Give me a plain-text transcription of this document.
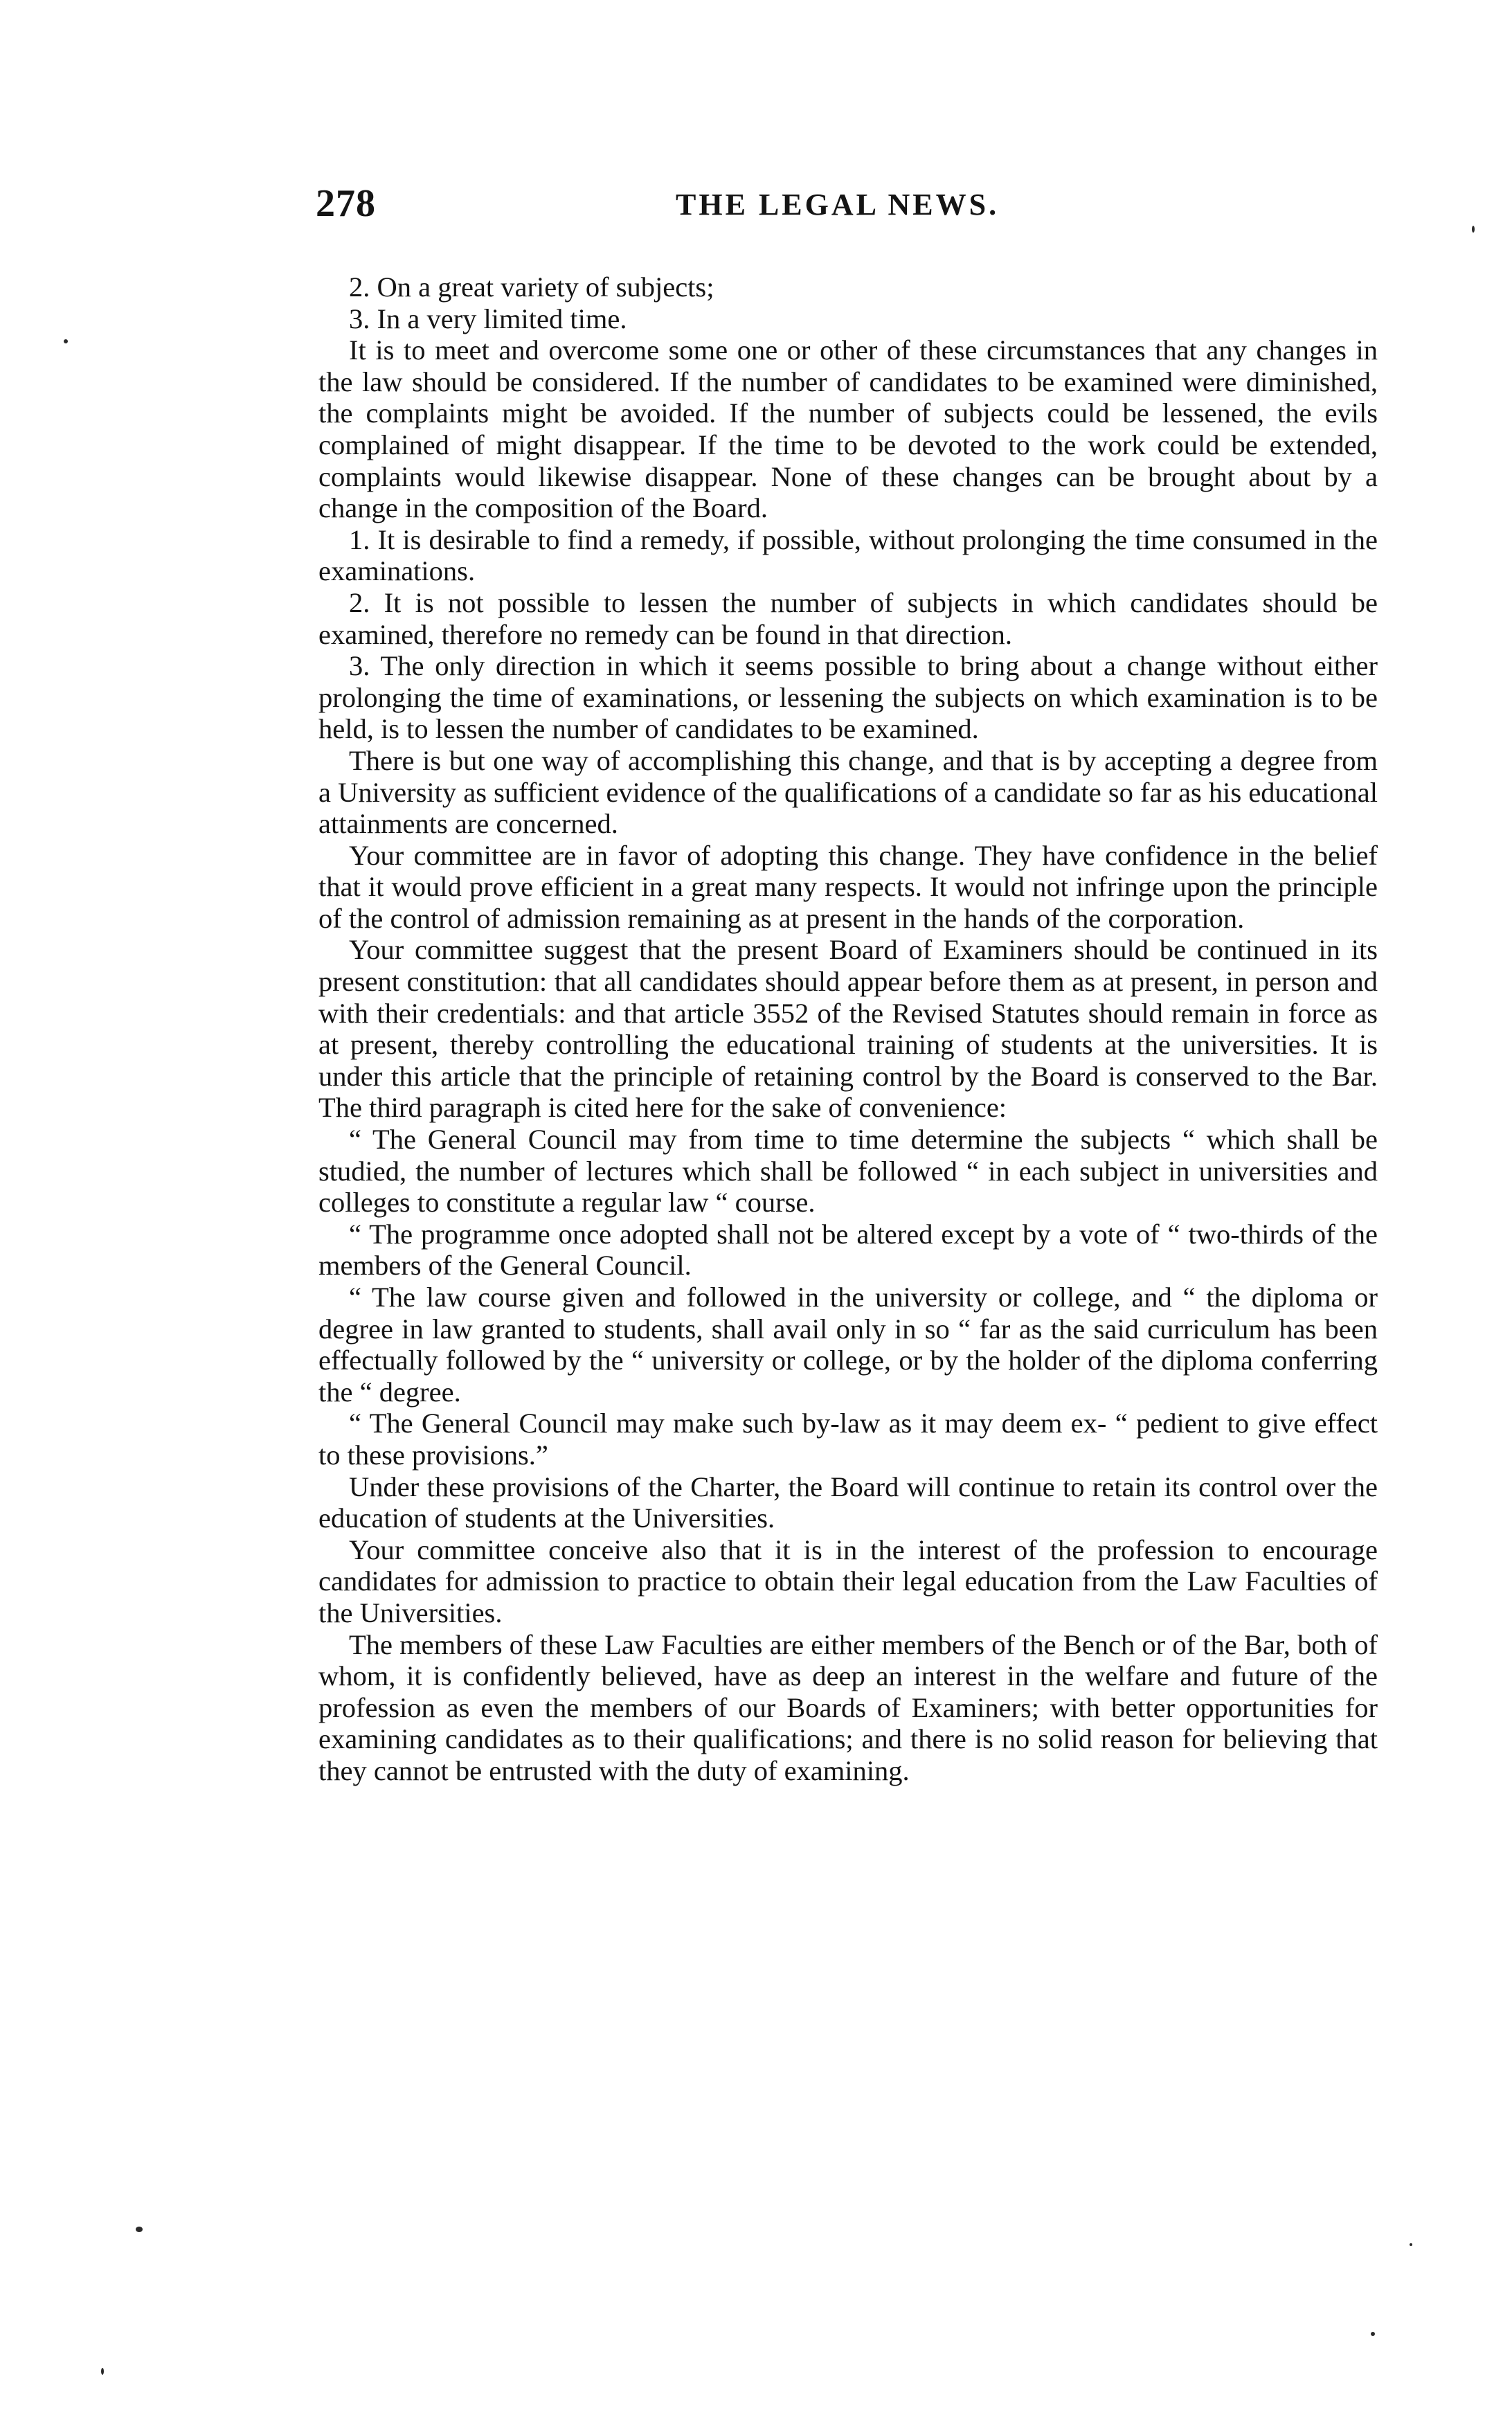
278	THE LEGAL NEWS.

2. On a great variety of subjects;

3. In a very limited time.

It is to meet and overcome some one or other of these circumstances that any changes in the law should be considered. If the number of candidates to be examined were diminished, the complaints might be avoided. If the number of subjects could be lessened, the evils complained of might disappear. If the time to be devoted to the work could be extended, complaints would likewise disappear. None of these changes can be brought about by a change in the composition of the Board.

1. It is desirable to find a remedy, if possible, without prolonging the time consumed in the examinations.

2. It is not possible to lessen the number of subjects in which candidates should be examined, therefore no remedy can be found in that direction.

3. The only direction in which it seems possible to bring about a change without either prolonging the time of examinations, or lessening the subjects on which examination is to be held, is to lessen the number of candidates to be examined.

There is but one way of accomplishing this change, and that is by accepting a degree from a University as sufficient evidence of the qualifications of a candidate so far as his educational attainments are concerned.

Your committee are in favor of adopting this change. They have confidence in the belief that it would prove efficient in a great many respects. It would not infringe upon the principle of the control of admission remaining as at present in the hands of the corporation.

Your committee suggest that the present Board of Examiners should be continued in its present constitution: that all candidates should appear before them as at present, in person and with their credentials: and that article 3552 of the Revised Statutes should remain in force as at present, thereby controlling the educational training of students at the universities. It is under this article that the principle of retaining control by the Board is conserved to the Bar. The third paragraph is cited here for the sake of convenience:

“ The General Council may from time to time determine the subjects “ which shall be studied, the number of lectures which shall be followed “ in each subject in universities and colleges to constitute a regular law “ course.

“ The programme once adopted shall not be altered except by a vote of “ two-thirds of the members of the General Council.

“ The law course given and followed in the university or college, and “ the diploma or degree in law granted to students, shall avail only in so “ far as the said curriculum has been effectually followed by the “ university or college, or by the holder of the diploma conferring the “ degree.

“ The General Council may make such by-law as it may deem ex- “ pedient to give effect to these provisions.”

Under these provisions of the Charter, the Board will continue to retain its control over the education of students at the Universities.

Your committee conceive also that it is in the interest of the profession to encourage candidates for admission to practice to obtain their legal education from the Law Faculties of the Universities.

The members of these Law Faculties are either members of the Bench or of the Bar, both of whom, it is confidently believed, have as deep an interest in the welfare and future of the profession as even the members of our Boards of Examiners; with better opportunities for examining candidates as to their qualifications; and there is no solid reason for believing that they cannot be entrusted with the duty of examining.
